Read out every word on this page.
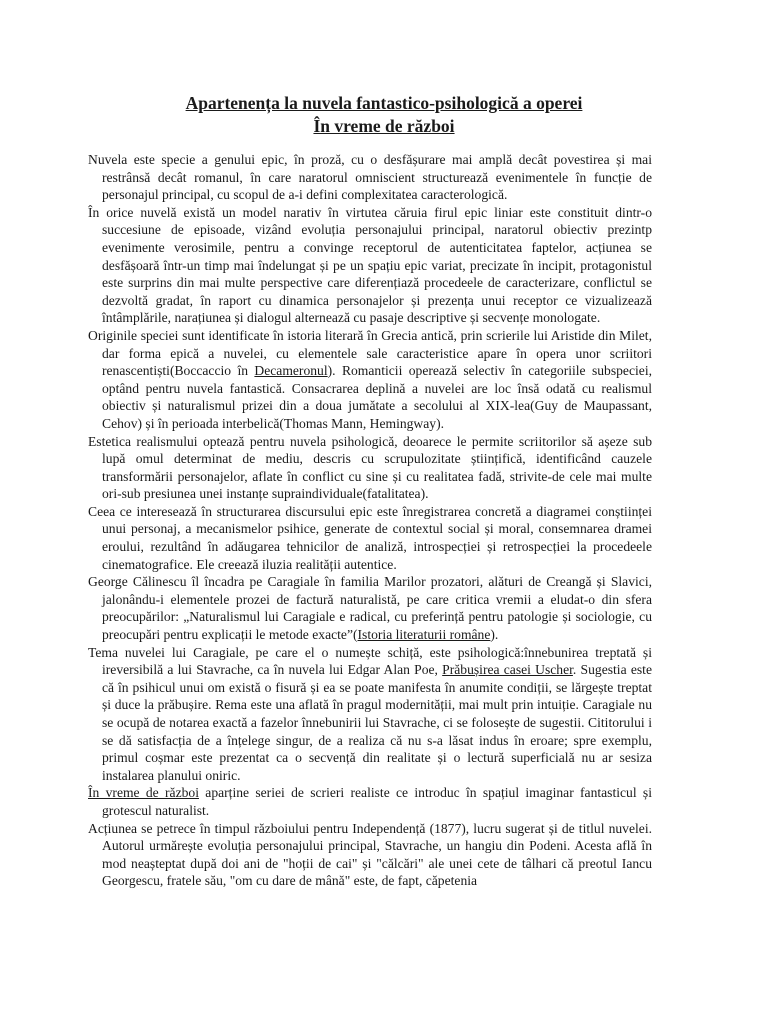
Apartenența la nuvela fantastico-psihologică a operei
În vreme de război

Nuvela este specie a genului epic, în proză, cu o desfășurare mai amplă decât povestirea și mai restrânsă decât romanul, în care naratorul omniscient structurează evenimentele în funcție de personajul principal, cu scopul de a-i defini complexitatea caracterologică.

În orice nuvelă există un model narativ în virtutea căruia firul epic liniar este constituit dintr-o succesiune de episoade, vizând evoluția personajului principal, naratorul obiectiv prezintp evenimente verosimile, pentru a convinge receptorul de autenticitatea faptelor, acțiunea se desfășoară într-un timp mai îndelungat și pe un spațiu epic variat, precizate în incipit, protagonistul este surprins din mai multe perspective care diferențiază procedeele de caracterizare, conflictul se dezvoltă gradat, în raport cu dinamica personajelor și prezența unui receptor ce vizualizează întâmplările, narațiunea și dialogul alternează cu pasaje descriptive și secvențe monologate.

Originile speciei sunt identificate în istoria literară în Grecia antică, prin scrierile lui Aristide din Milet, dar forma epică a nuvelei, cu elementele sale caracteristice apare în opera unor scriitori renascentiști(Boccaccio în Decameronul). Romanticii operează selectiv în categoriile subspeciei, optând pentru nuvela fantastică. Consacrarea deplină a nuvelei are loc însă odată cu realismul obiectiv și naturalismul prizei din a doua jumătate a secolului al XIX-lea(Guy de Maupassant, Cehov) și în perioada interbelică(Thomas Mann, Hemingway).

Estetica realismului optează pentru nuvela psihologică, deoarece le permite scriitorilor să așeze sub lupă omul determinat de mediu, descris cu scrupulozitate științifică, identificând cauzele transformării personajelor, aflate în conflict cu sine și cu realitatea fadă, strivite-de cele mai multe ori-sub presiunea unei instanțe supraindividuale(fatalitatea).

Ceea ce interesează în structurarea discursului epic este înregistrarea concretă a diagramei conștiinței unui personaj, a mecanismelor psihice, generate de contextul social și moral, consemnarea dramei eroului, rezultând în adăugarea tehnicilor de analiză, introspecției și retrospecției la procedeele cinematografice. Ele creează iluzia realității autentice.

George Călinescu îl încadra pe Caragiale în familia Marilor prozatori, alături de Creangă și Slavici, jalonându-i elementele prozei de factură naturalistă, pe care critica vremii a eludat-o din sfera preocupărilor: „Naturalismul lui Caragiale e radical, cu preferință pentru patologie și sociologie, cu preocupări pentru explicații le metode exacte”(Istoria literaturii române).

Tema nuvelei lui Caragiale, pe care el o numește schiță, este psihologică:înnebunirea treptată și ireversibilă a lui Stavrache, ca în nuvela lui Edgar Alan Poe, Prăbușirea casei Uscher. Sugestia este că în psihicul unui om există o fisură și ea se poate manifesta în anumite condiții, se lărgește treptat și duce la prăbușire. Rema este una aflată în pragul modernității, mai mult prin intuiție. Caragiale nu se ocupă de notarea exactă a fazelor înnebunirii lui Stavrache, ci se folosește de sugestii. Cititorului i se dă satisfacția de a înțelege singur, de a realiza că nu s-a lăsat indus în eroare; spre exemplu, primul coșmar este prezentat ca o secvență din realitate și o lectură superficială nu ar sesiza instalarea planului oniric.

În vreme de război aparține seriei de scrieri realiste ce introduc în spațiul imaginar fantasticul și grotescul naturalist.

Acțiunea se petrece în timpul războiului pentru Independență (1877), lucru sugerat și de titlul nuvelei. Autorul urmărește evoluția personajului principal, Stavrache, un hangiu din Podeni. Acesta află în mod neașteptat după doi ani de "hoții de cai" și "călcări" ale unei cete de tâlhari că preotul Iancu Georgescu, fratele său, "om cu dare de mână" este, de fapt, căpetenia
